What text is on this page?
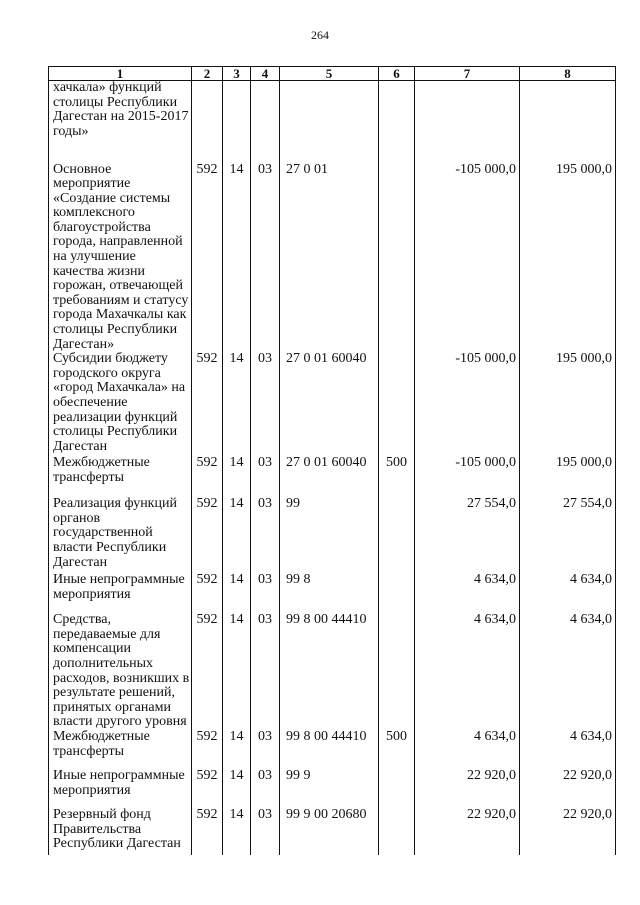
264
1	2	3	4	5	6	7	8
хачкала» функций столицы Республики Дагестан на 2015-2017 годы»							
Основное мероприятие «Создание системы комплексного благоустройства города, направленной на улучшение качества жизни горожан, отвечающей требованиям и статусу города Махачкалы как столицы Республики Дагестан»	592	14	03	27 0 01		-105 000,0	195 000,0
Субсидии бюджету городского округа «город Махачкала» на обеспечение реализации функций столицы Республики Дагестан	592	14	03	27 0 01 60040		-105 000,0	195 000,0
Межбюджетные трансферты	592	14	03	27 0 01 60040	500	-105 000,0	195 000,0
Реализация функций органов государственной власти Республики Дагестан	592	14	03	99		27 554,0	27 554,0
Иные непрограммные мероприятия	592	14	03	99 8		4 634,0	4 634,0
Средства, передаваемые для компенсации дополнительных расходов, возникших в результате решений, принятых органами власти другого уровня	592	14	03	99 8 00 44410		4 634,0	4 634,0
Межбюджетные трансферты	592	14	03	99 8 00 44410	500	4 634,0	4 634,0
Иные непрограммные мероприятия	592	14	03	99 9		22 920,0	22 920,0
Резервный фонд Правительства Республики Дагестан	592	14	03	99 9 00 20680		22 920,0	22 920,0
